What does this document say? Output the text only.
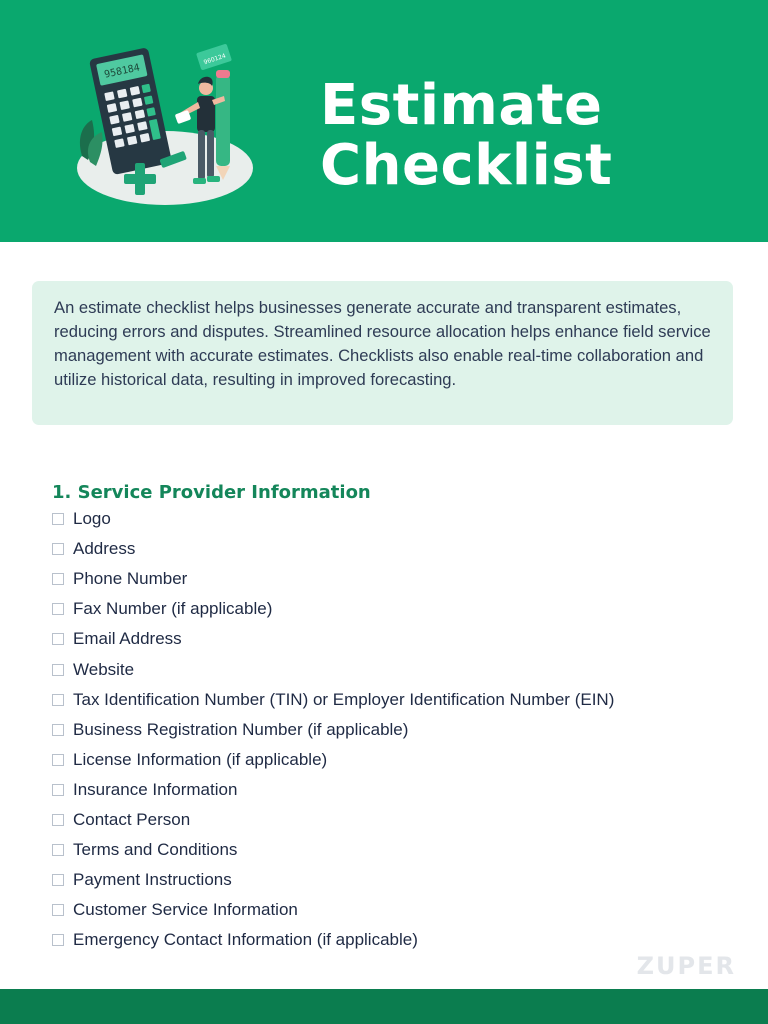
958184
960124
Estimate
Checklist

An estimate checklist helps businesses generate accurate and transparent estimates, reducing errors and disputes. Streamlined resource allocation helps enhance field service management with accurate estimates. Checklists also enable real-time collaboration and utilize historical data, resulting in improved forecasting.

1. Service Provider Information
Logo
Address
Phone Number
Fax Number (if applicable)
Email Address
Website
Tax Identification Number (TIN) or Employer Identification Number (EIN)
Business Registration Number (if applicable)
License Information (if applicable)
Insurance Information
Contact Person
Terms and Conditions
Payment Instructions
Customer Service Information
Emergency Contact Information (if applicable)
ZUPER
